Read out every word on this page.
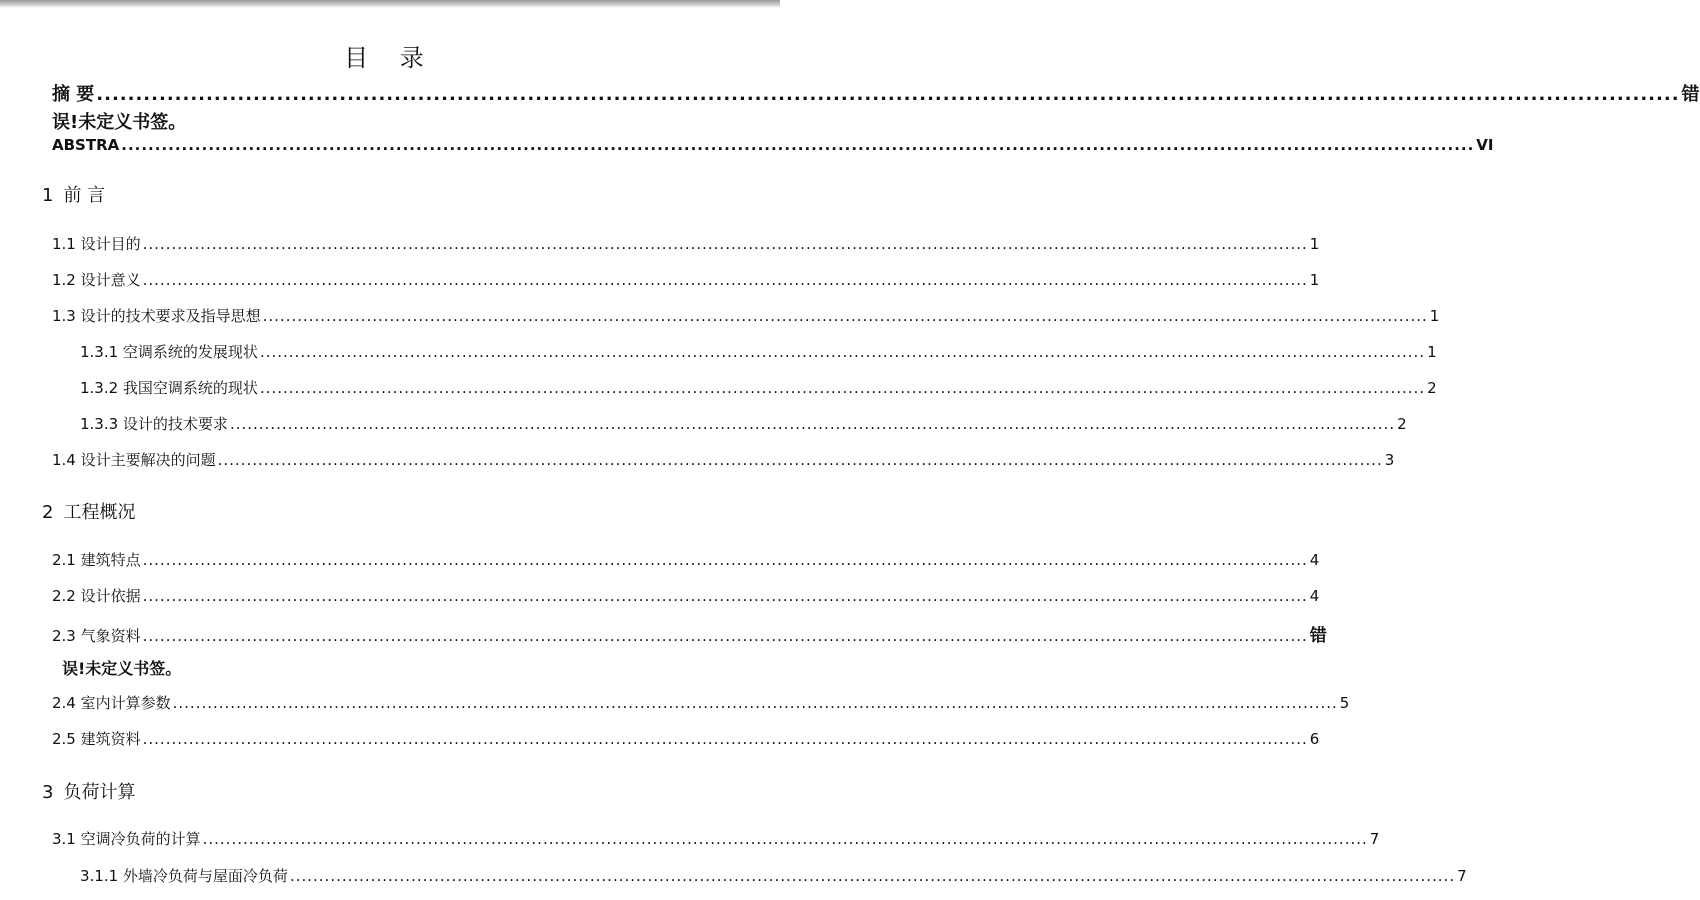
目 录
摘 要 .......................................................................................................................................................................................................... 错
误!未定义书签。
ABSTRA .......................................................................................................................................................................................................... VI
1 前 言
1.1 设计目的 .......................................................................................................................................................................................................... 1
1.2 设计意义 .......................................................................................................................................................................................................... 1
1.3 设计的技术要求及指导思想 .......................................................................................................................................................................................................... 1
1.3.1 空调系统的发展现状 .......................................................................................................................................................................................................... 1
1.3.2 我国空调系统的现状 .......................................................................................................................................................................................................... 2
1.3.3 设计的技术要求 .......................................................................................................................................................................................................... 2
1.4 设计主要解决的问题 .......................................................................................................................................................................................................... 3
2 工程概况
2.1 建筑特点 .......................................................................................................................................................................................................... 4
2.2 设计依据 .......................................................................................................................................................................................................... 4
2.3 气象资料 .......................................................................................................................................................................................................... 错
误!未定义书签。
2.4 室内计算参数 .......................................................................................................................................................................................................... 5
2.5 建筑资料 .......................................................................................................................................................................................................... 6
3 负荷计算
3.1 空调冷负荷的计算 .......................................................................................................................................................................................................... 7
3.1.1 外墙冷负荷与屋面冷负荷 .......................................................................................................................................................................................................... 7
